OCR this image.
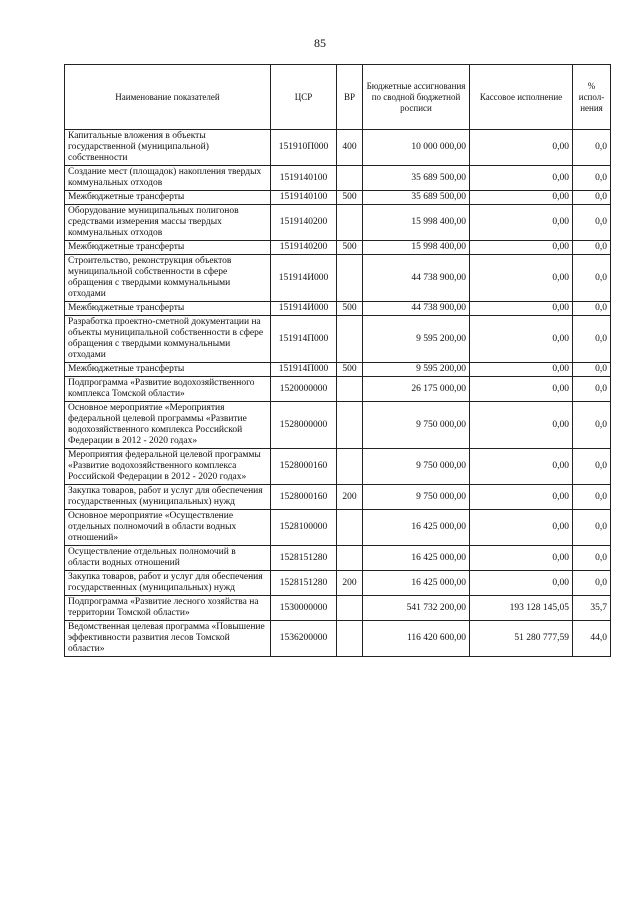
85
Наименование показателей	ЦСР	ВР	Бюджетные ассигнования по сводной бюджетной росписи	Кассовое исполнение	% испол-нения
Капитальные вложения в объекты государственной (муниципальной) собственности	151910П000	400	10 000 000,00	0,00	0,0
Создание мест (площадок) накопления твердых коммунальных отходов	1519140100		35 689 500,00	0,00	0,0
Межбюджетные трансферты	1519140100	500	35 689 500,00	0,00	0,0
Оборудование муниципальных полигонов средствами измерения массы твердых коммунальных отходов	1519140200		15 998 400,00	0,00	0,0
Межбюджетные трансферты	1519140200	500	15 998 400,00	0,00	0,0
Строительство, реконструкция объектов муниципальной собственности в сфере обращения с твердыми коммунальными отходами	151914И000		44 738 900,00	0,00	0,0
Межбюджетные трансферты	151914И000	500	44 738 900,00	0,00	0,0
Разработка проектно-сметной документации на объекты муниципальной собственности в сфере обращения с твердыми коммунальными отходами	151914П000		9 595 200,00	0,00	0,0
Межбюджетные трансферты	151914П000	500	9 595 200,00	0,00	0,0
Подпрограмма «Развитие водохозяйственного комплекса Томской области»	1520000000		26 175 000,00	0,00	0,0
Основное мероприятие «Мероприятия федеральной целевой программы «Развитие водохозяйственного комплекса Российской Федерации в 2012 - 2020 годах»	1528000000		9 750 000,00	0,00	0,0
Мероприятия федеральной целевой программы «Развитие водохозяйственного комплекса Российской Федерации в 2012 - 2020 годах»	1528000160		9 750 000,00	0,00	0,0
Закупка товаров, работ и услуг для обеспечения государственных (муниципальных) нужд	1528000160	200	9 750 000,00	0,00	0,0
Основное мероприятие «Осуществление отдельных полномочий в области водных отношений»	1528100000		16 425 000,00	0,00	0,0
Осуществление отдельных полномочий в области водных отношений	1528151280		16 425 000,00	0,00	0,0
Закупка товаров, работ и услуг для обеспечения государственных (муниципальных) нужд	1528151280	200	16 425 000,00	0,00	0,0
Подпрограмма «Развитие лесного хозяйства на территории Томской области»	1530000000		541 732 200,00	193 128 145,05	35,7
Ведомственная целевая программа «Повышение эффективности развития лесов Томской области»	1536200000		116 420 600,00	51 280 777,59	44,0
